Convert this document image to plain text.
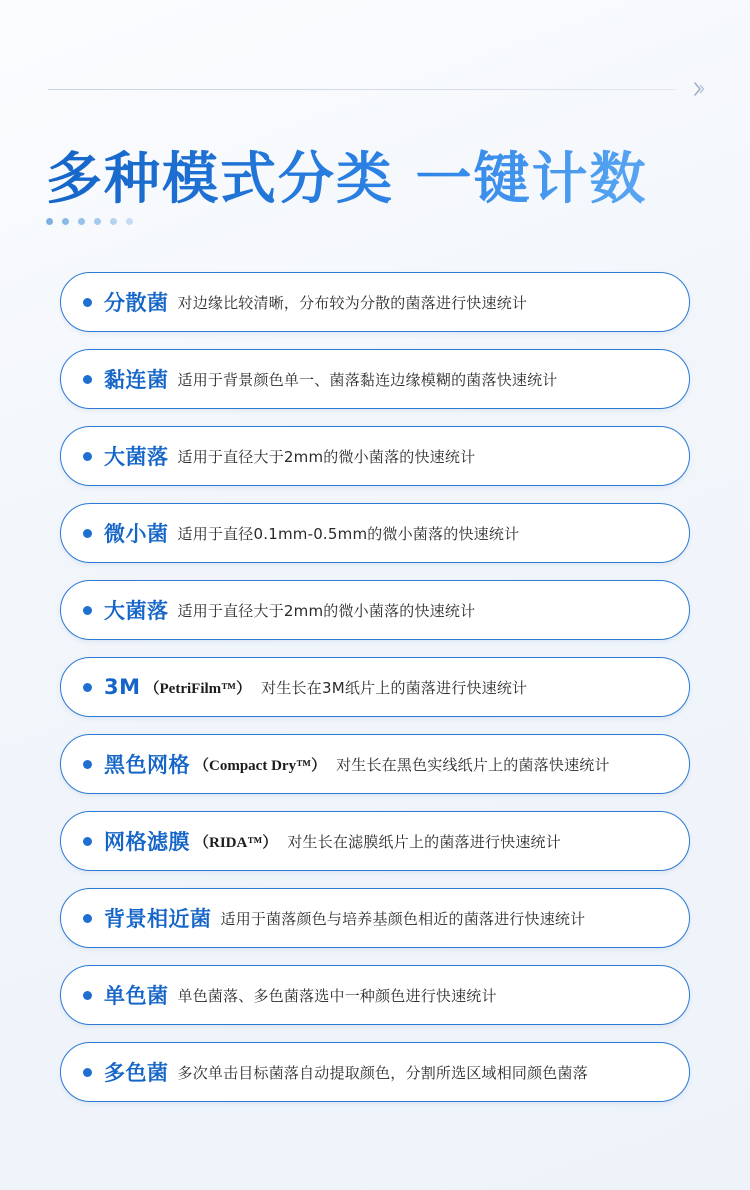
多种模式分类 一键计数
分散菌 对边缘比较清晰，分布较为分散的菌落进行快速统计
黏连菌 适用于背景颜色单一、菌落黏连边缘模糊的菌落快速统计
大菌落 适用于直径大于2mm的微小菌落的快速统计
微小菌 适用于直径0.1mm-0.5mm的微小菌落的快速统计
大菌落 适用于直径大于2mm的微小菌落的快速统计
3M （PetriFilm™） 对生长在3M纸片上的菌落进行快速统计
黑色网格 （Compact Dry™） 对生长在黑色实线纸片上的菌落快速统计
网格滤膜 （RIDA™） 对生长在滤膜纸片上的菌落进行快速统计
背景相近菌 适用于菌落颜色与培养基颜色相近的菌落进行快速统计
单色菌 单色菌落、多色菌落选中一种颜色进行快速统计
多色菌 多次单击目标菌落自动提取颜色，分割所选区域相同颜色菌落
